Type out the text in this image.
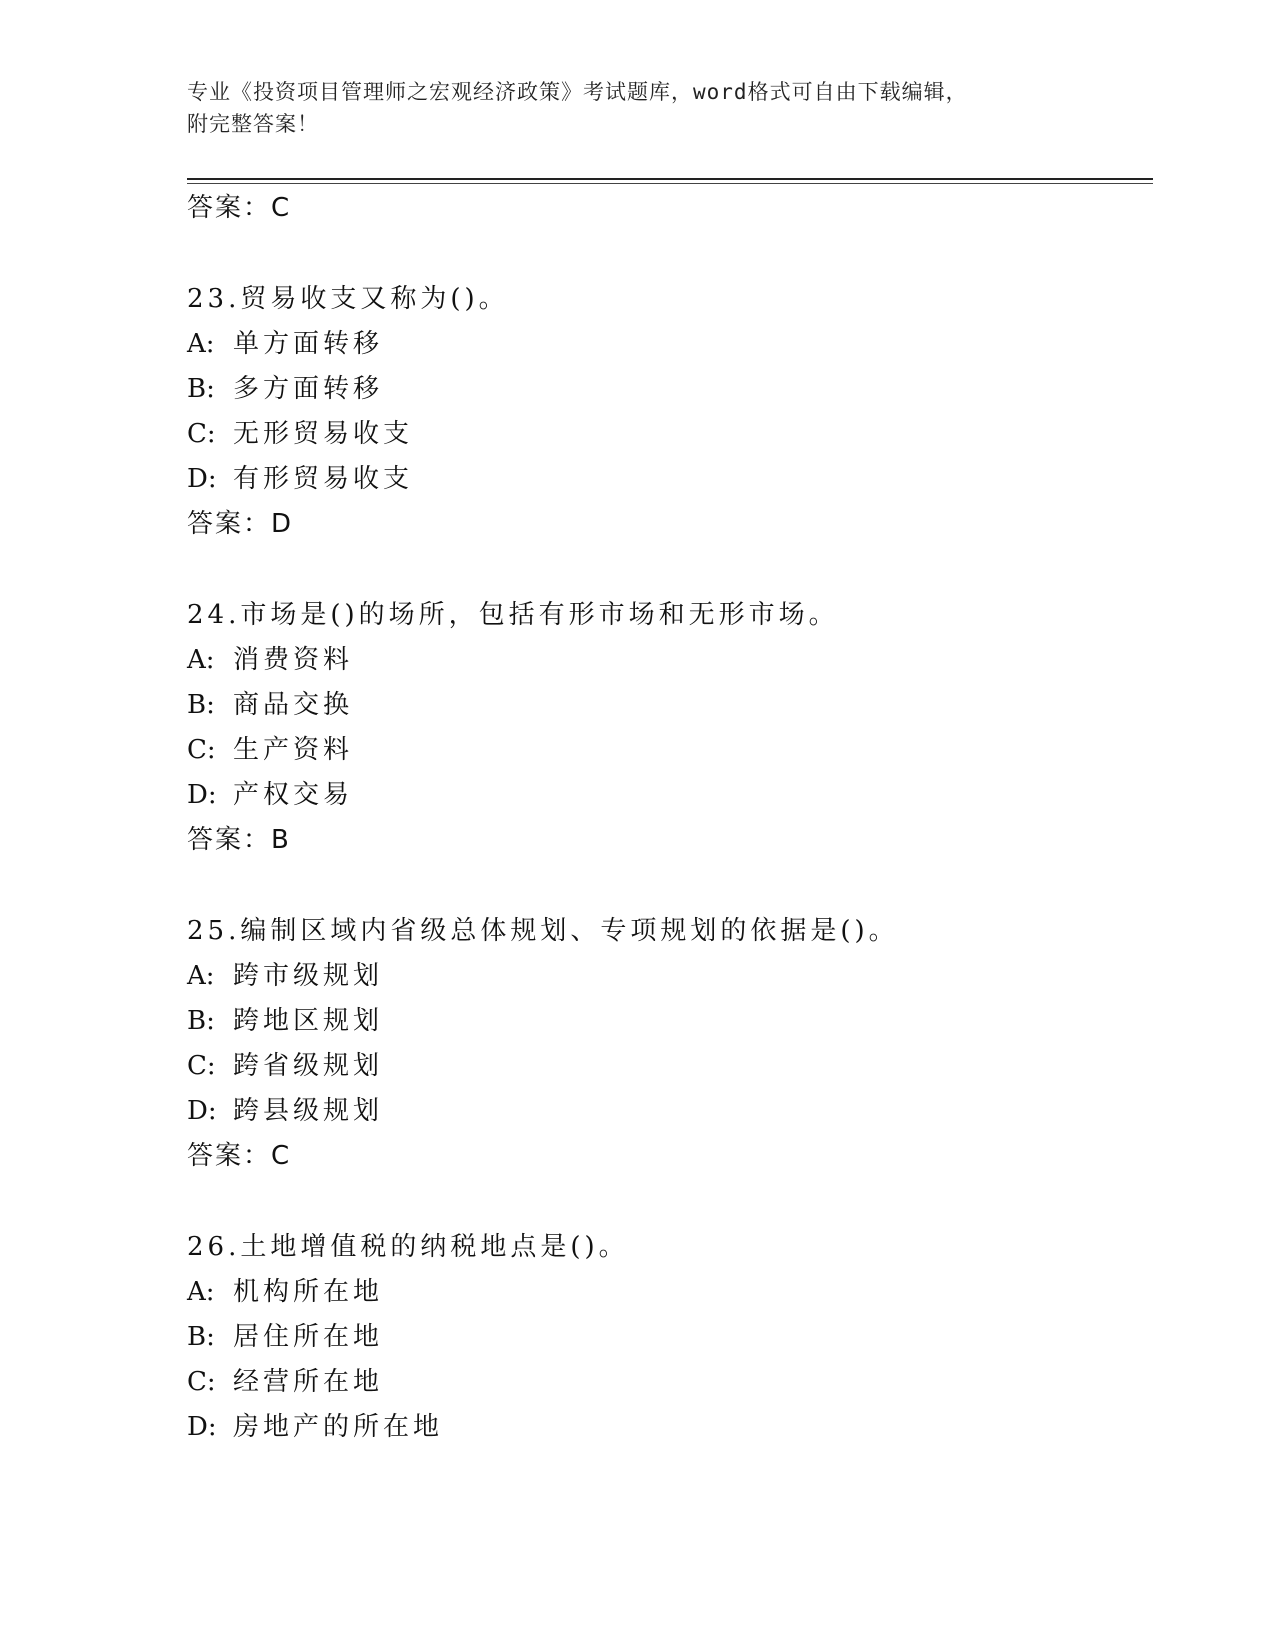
专业《投资项目管理师之宏观经济政策》考试题库，word格式可自由下载编辑，
附完整答案！
答案：C
23.贸易收支又称为()。
A: 单方面转移
B: 多方面转移
C: 无形贸易收支
D: 有形贸易收支
答案：D
24.市场是()的场所，包括有形市场和无形市场。
A: 消费资料
B: 商品交换
C: 生产资料
D: 产权交易
答案：B
25.编制区域内省级总体规划、专项规划的依据是()。
A: 跨市级规划
B: 跨地区规划
C: 跨省级规划
D: 跨县级规划
答案：C
26.土地增值税的纳税地点是()。
A: 机构所在地
B: 居住所在地
C: 经营所在地
D: 房地产的所在地
